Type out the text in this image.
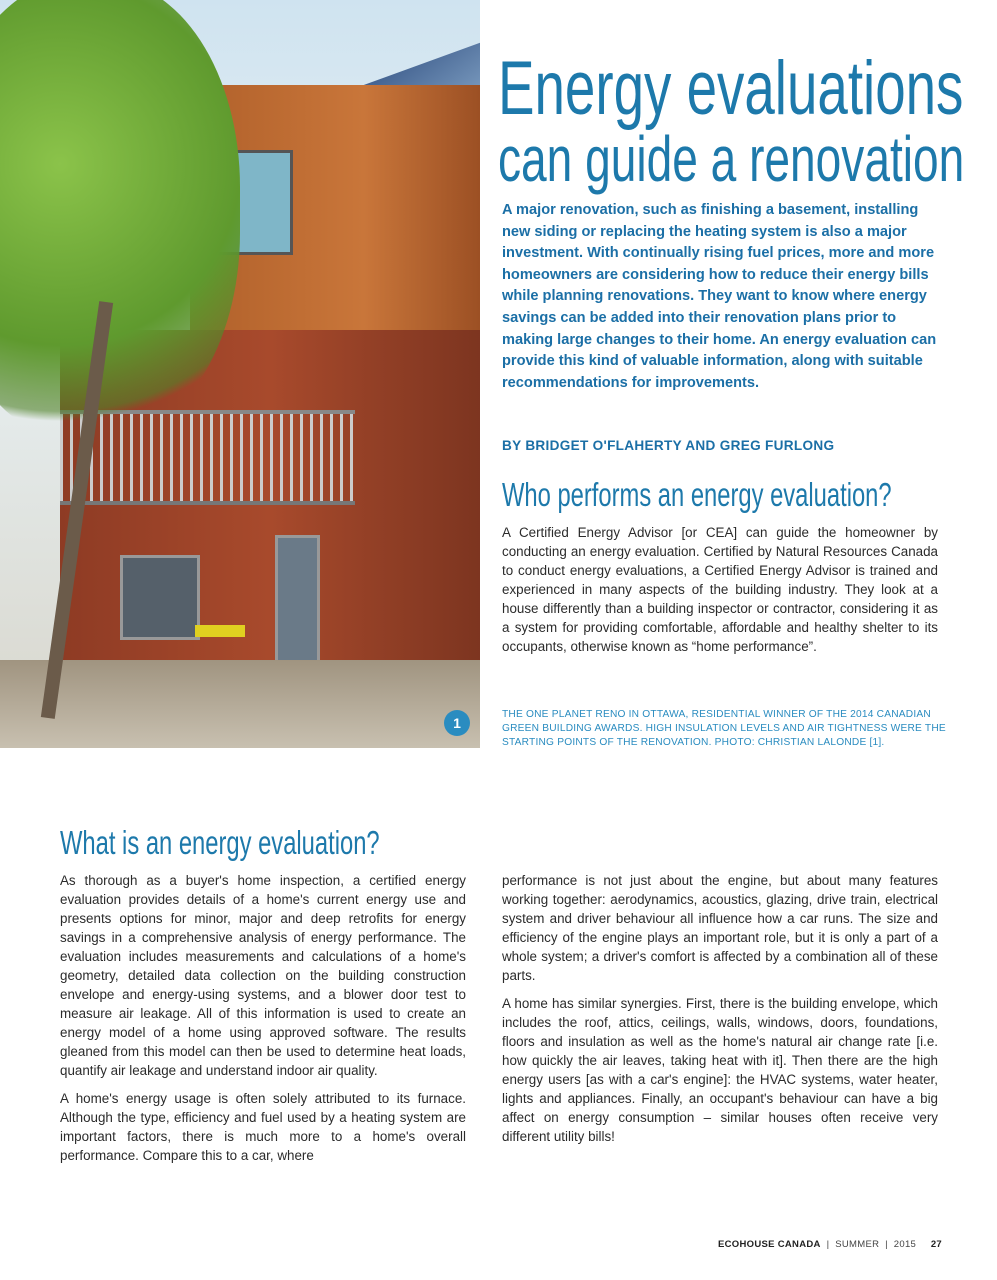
1
Energy evaluations
can guide a renovation
A major renovation, such as finishing a basement, installing new siding or replacing the heating system is also a major investment. With continually rising fuel prices, more and more homeowners are considering how to reduce their energy bills while planning renovations. They want to know where energy savings can be added into their renovation plans prior to making large changes to their home. An energy evaluation can provide this kind of valuable information, along with suitable recommendations for improvements.
BY BRIDGET O'FLAHERTY AND GREG FURLONG
Who performs an energy evaluation?

A Certified Energy Advisor [or CEA] can guide the homeowner by conducting an energy evaluation. Certified by Natural Resources Canada to conduct energy evaluations, a Certified Energy Advisor is trained and experienced in many aspects of the building industry. They look at a house differently than a building inspector or contractor, considering it as a system for providing comfortable, affordable and healthy shelter to its occupants, otherwise known as “home performance”.

THE ONE PLANET RENO IN OTTAWA, RESIDENTIAL WINNER OF THE 2014 CANADIAN GREEN BUILDING AWARDS. HIGH INSULATION LEVELS AND AIR TIGHTNESS WERE THE STARTING POINTS OF THE RENOVATION. PHOTO: CHRISTIAN LALONDE [1].
What is an energy evaluation?

As thorough as a buyer's home inspection, a certified energy evaluation provides details of a home's current energy use and presents options for minor, major and deep retrofits for energy savings in a comprehensive analysis of energy performance. The evaluation includes measurements and calculations of a home's geometry, detailed data collection on the building construction envelope and energy-using systems, and a blower door test to measure air leakage. All of this information is used to create an energy model of a home using approved software. The results gleaned from this model can then be used to determine heat loads, quantify air leakage and understand indoor air quality.

A home's energy usage is often solely attributed to its furnace. Although the type, efficiency and fuel used by a heating system are important factors, there is much more to a home's overall performance. Compare this to a car, where

performance is not just about the engine, but about many features working together: aerodynamics, acoustics, glazing, drive train, electrical system and driver behaviour all influence how a car runs. The size and efficiency of the engine plays an important role, but it is only a part of a whole system; a driver's comfort is affected by a combination all of these parts.

A home has similar synergies. First, there is the building envelope, which includes the roof, attics, ceilings, walls, windows, doors, foundations, floors and insulation as well as the home's natural air change rate [i.e. how quickly the air leaves, taking heat with it]. Then there are the high energy users [as with a car's engine]: the HVAC systems, water heater, lights and appliances. Finally, an occupant's behaviour can have a big affect on energy consumption – similar houses often receive very different utility bills!

ECOHOUSE CANADA  |  SUMMER  |  2015 27
